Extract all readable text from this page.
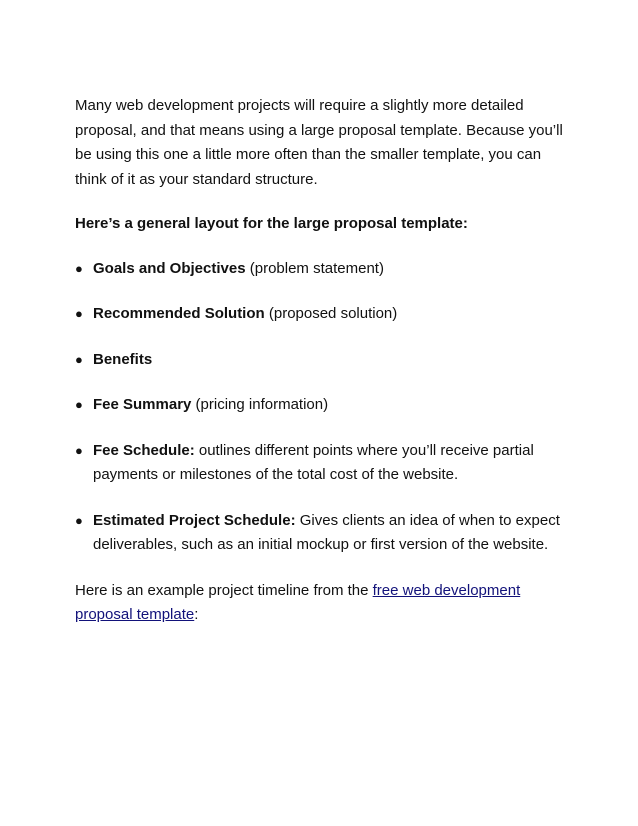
Many web development projects will require a slightly more detailed proposal, and that means using a large proposal template. Because you’ll be using this one a little more often than the smaller template, you can think of it as your standard structure.

Here’s a general layout for the large proposal template:

● Goals and Objectives (problem statement)
● Recommended Solution (proposed solution)
● Benefits
● Fee Summary (pricing information)
● Fee Schedule: outlines different points where you’ll receive partial payments or milestones of the total cost of the website.
● Estimated Project Schedule: Gives clients an idea of when to expect deliverables, such as an initial mockup or first version of the website.

Here is an example project timeline from the free web development proposal template:
